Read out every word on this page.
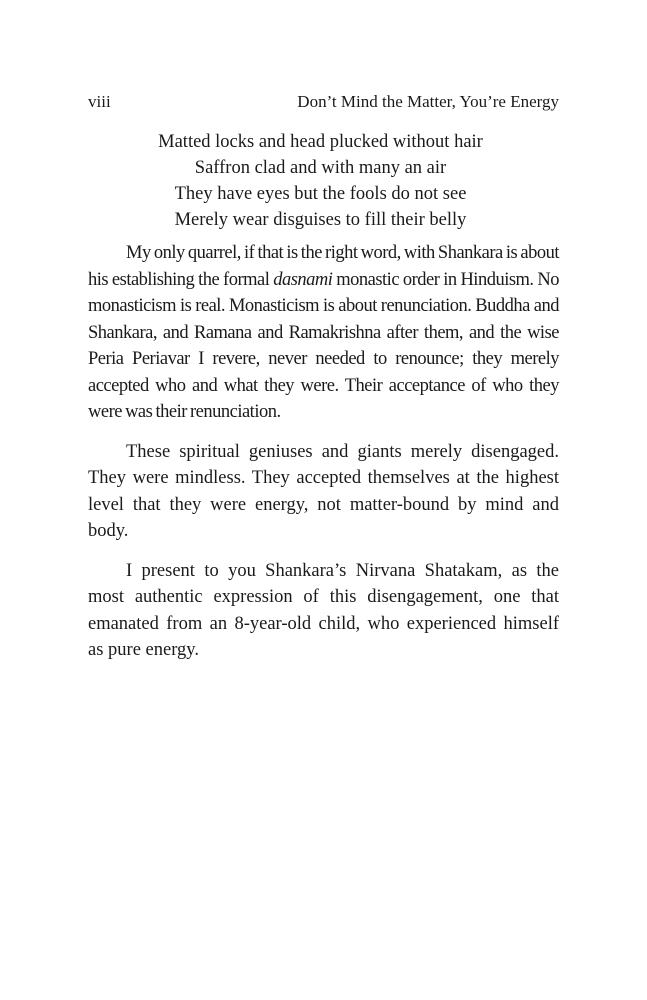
viii	Don’t Mind the Matter, You’re Energy
Matted locks and head plucked without hair
Saffron clad and with many an air
They have eyes but the fools do not see
Merely wear disguises to fill their belly

My only quarrel, if that is the right word, with Shankara is about his establishing the formal dasnami monastic order in Hinduism. No monasticism is real. Monasticism is about renunciation. Buddha and Shankara, and Ramana and Ramakrishna after them, and the wise Peria Periavar I revere, never needed to renounce; they merely accepted who and what they were. Their acceptance of who they were was their renunciation.

These spiritual geniuses and giants merely disengaged. They were mindless. They accepted themselves at the highest level that they were energy, not matter-bound by mind and body.

I present to you Shankara’s Nirvana Shatakam, as the most authentic expression of this disengagement, one that emanated from an 8-year-old child, who experienced himself as pure energy.
